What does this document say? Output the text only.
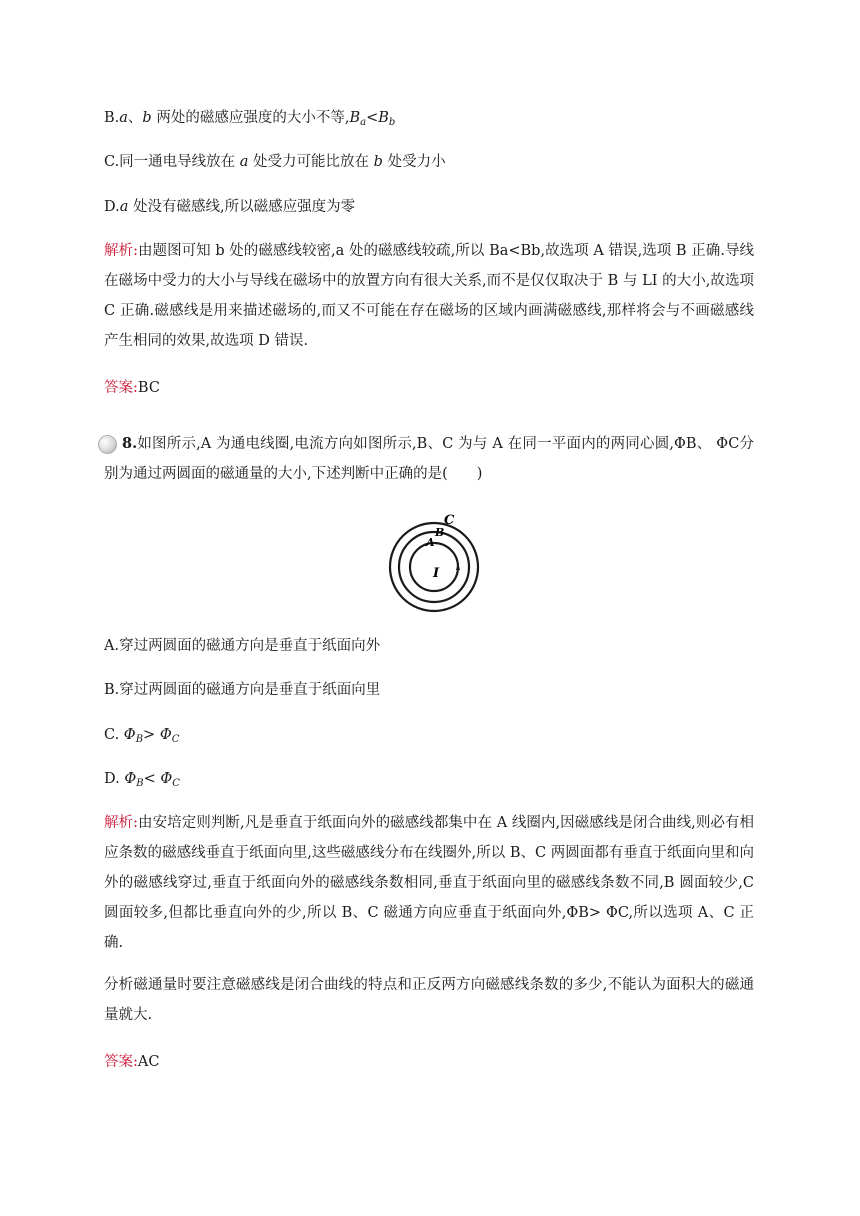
B.a、b 两处的磁感应强度的大小不等$,B_a<B_b$
C.同一通电导线放在 a 处受力可能比放在 b 处受力小
D.a 处没有磁感线,所以磁感应强度为零
解析:由题图可知 b 处的磁感线较密,a 处的磁感线较疏,所以 Ba<Bb,故选项 A 错误,选项 B 正确.导线在磁场中受力的大小与导线在磁场中的放置方向有很大关系,而不是仅仅取决于 B 与 LI 的大小,故选项 C 正确.磁感线是用来描述磁场的,而又不可能在存在磁场的区域内画满磁感线,那样将会与不画磁感线产生相同的效果,故选项 D 错误.
答案:BC
8.如图所示,A 为通电线圈,电流方向如图所示,B、C 为与 A 在同一平面内的两同心圆,ΦB、 ΦC分别为通过两圆面的磁通量的大小,下述判断中正确的是(　　)
C
B
A
I
A.穿过两圆面的磁通方向是垂直于纸面向外
B.穿过两圆面的磁通方向是垂直于纸面向里
C. $\Phi_B> \Phi_C$
D. $\Phi_B< \Phi_C$
解析:由安培定则判断,凡是垂直于纸面向外的磁感线都集中在 A 线圈内,因磁感线是闭合曲线,则必有相应条数的磁感线垂直于纸面向里,这些磁感线分布在线圈外,所以 B、C 两圆面都有垂直于纸面向里和向外的磁感线穿过,垂直于纸面向外的磁感线条数相同,垂直于纸面向里的磁感线条数不同,B 圆面较少,C 圆面较多,但都比垂直向外的少,所以 B、C 磁通方向应垂直于纸面向外,ΦB> ΦC,所以选项 A、C 正确.
分析磁通量时要注意磁感线是闭合曲线的特点和正反两方向磁感线条数的多少,不能认为面积大的磁通量就大.
答案:AC
